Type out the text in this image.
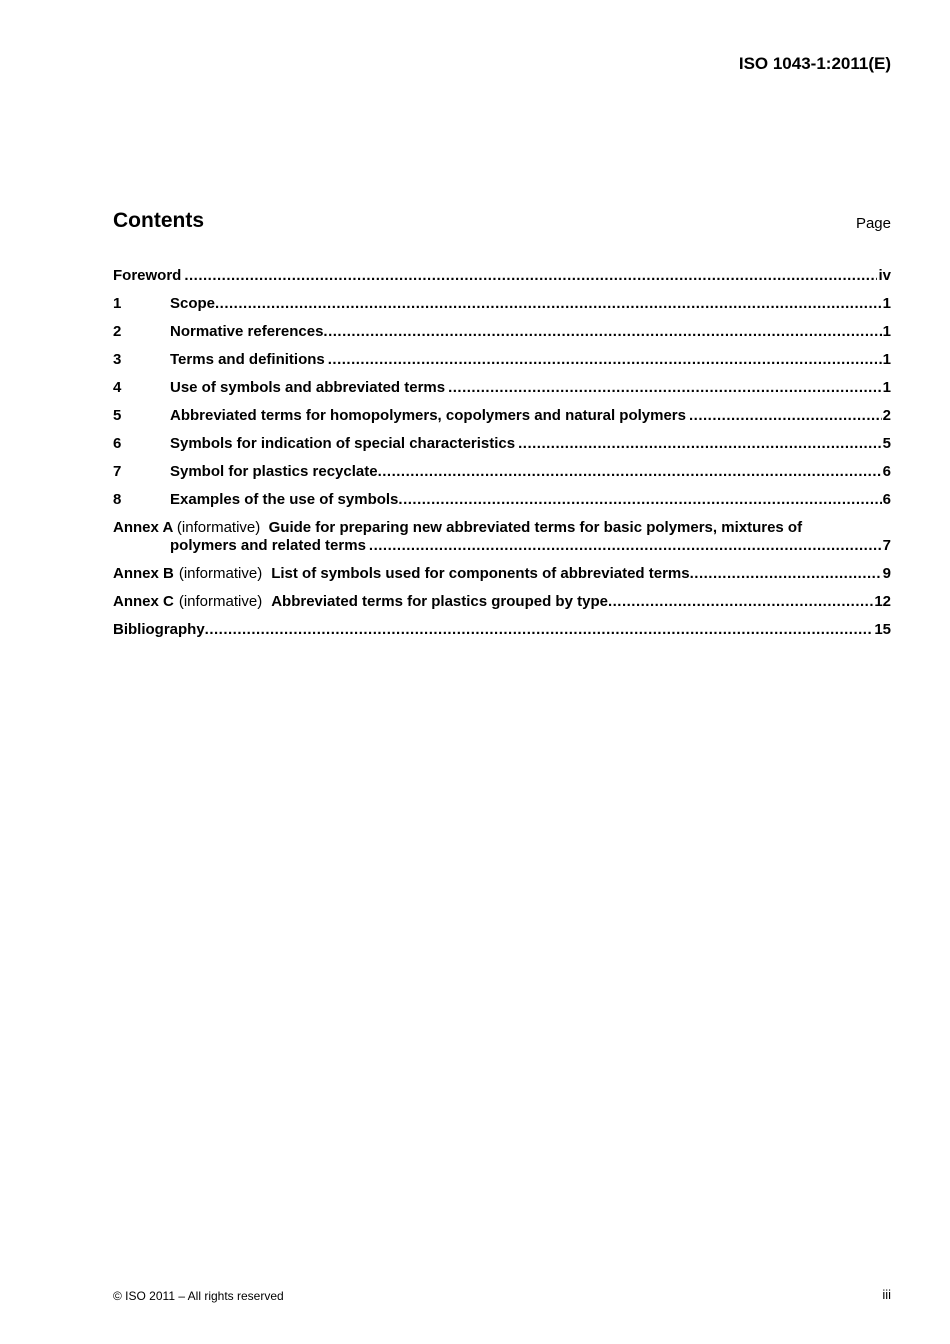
ISO 1043-1:2011(E)
Contents	Page
Foreword .....	iv
1	Scope .....	1
2	Normative references .....	1
3	Terms and definitions .....	1
4	Use of symbols and abbreviated terms .....	1
5	Abbreviated terms for homopolymers, copolymers and natural polymers .....	2
6	Symbols for indication of special characteristics .....	5
7	Symbol for plastics recyclate .....	6
8	Examples of the use of symbols .....	6
Annex A (informative) Guide for preparing new abbreviated terms for basic polymers, mixtures of
polymers and related terms .....	7
Annex B (informative) List of symbols used for components of abbreviated terms .....	9
Annex C (informative) Abbreviated terms for plastics grouped by type .....	12
Bibliography .....	15
© ISO 2011 – All rights reserved	iii
